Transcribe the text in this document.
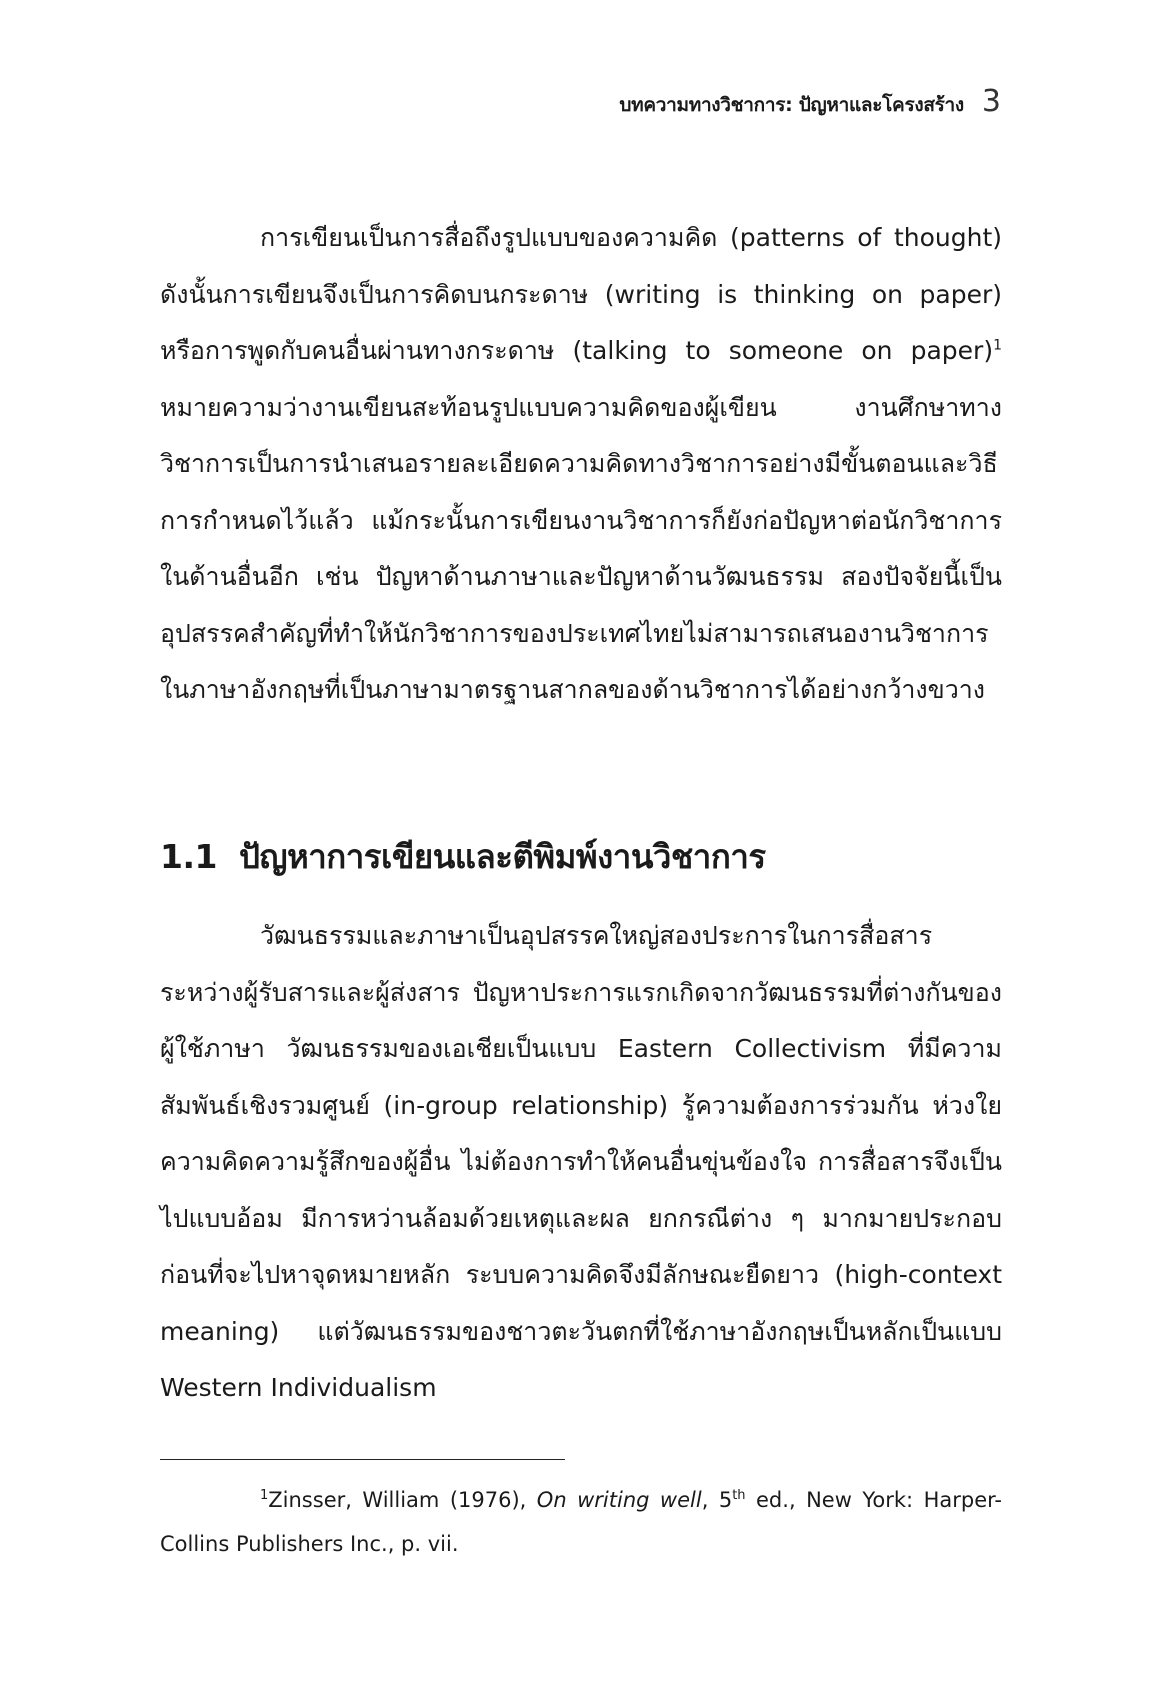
บทความทางวิชาการ: ปัญหาและโครงสร้าง 3

การเขียนเป็นการสื่อถึงรูปแบบของความคิด (patterns of thought) ดังนั้นการเขียนจึงเป็นการคิดบนกระดาษ (writing is thinking on paper) หรือการพูดกับคนอื่นผ่านทางกระดาษ (talking to someone on paper)$^1$ หมายความว่างานเขียนสะท้อนรูปแบบความคิดของผู้เขียน งานศึกษาทางวิชาการเป็นการนำเสนอรายละเอียดความคิดทางวิชาการอย่างมีขั้นตอนและวิธีการกำหนดไว้แล้ว แม้กระนั้นการเขียนงานวิชาการก็ยังก่อปัญหาต่อนักวิชาการในด้านอื่นอีก เช่น ปัญหาด้านภาษาและปัญหาด้านวัฒนธรรม สองปัจจัยนี้เป็นอุปสรรคสำคัญที่ทำให้นักวิชาการของประเทศไทยไม่สามารถเสนองานวิชาการในภาษาอังกฤษที่เป็นภาษามาตรฐานสากลของด้านวิชาการได้อย่างกว้างขวาง

1.1 ปัญหาการเขียนและตีพิมพ์งานวิชาการ

วัฒนธรรมและภาษาเป็นอุปสรรคใหญ่สองประการในการสื่อสารระหว่างผู้รับสารและผู้ส่งสาร ปัญหาประการแรกเกิดจากวัฒนธรรมที่ต่างกันของผู้ใช้ภาษา วัฒนธรรมของเอเชียเป็นแบบ Eastern Collectivism ที่มีความสัมพันธ์เชิงรวมศูนย์ (in-group relationship) รู้ความต้องการร่วมกัน ห่วงใยความคิดความรู้สึกของผู้อื่น ไม่ต้องการทำให้คนอื่นขุ่นข้องใจ การสื่อสารจึงเป็นไปแบบอ้อม มีการหว่านล้อมด้วยเหตุและผล ยกกรณีต่าง ๆ มากมายประกอบก่อนที่จะไปหาจุดหมายหลัก ระบบความคิดจึงมีลักษณะยืดยาว (high-context meaning) แต่วัฒนธรรมของชาวตะวันตกที่ใช้ภาษาอังกฤษเป็นหลักเป็นแบบ Western Individualism

$^1$Zinsser, William (1976), On writing well, 5th ed., New York: Harper-Collins Publishers Inc., p. vii.
